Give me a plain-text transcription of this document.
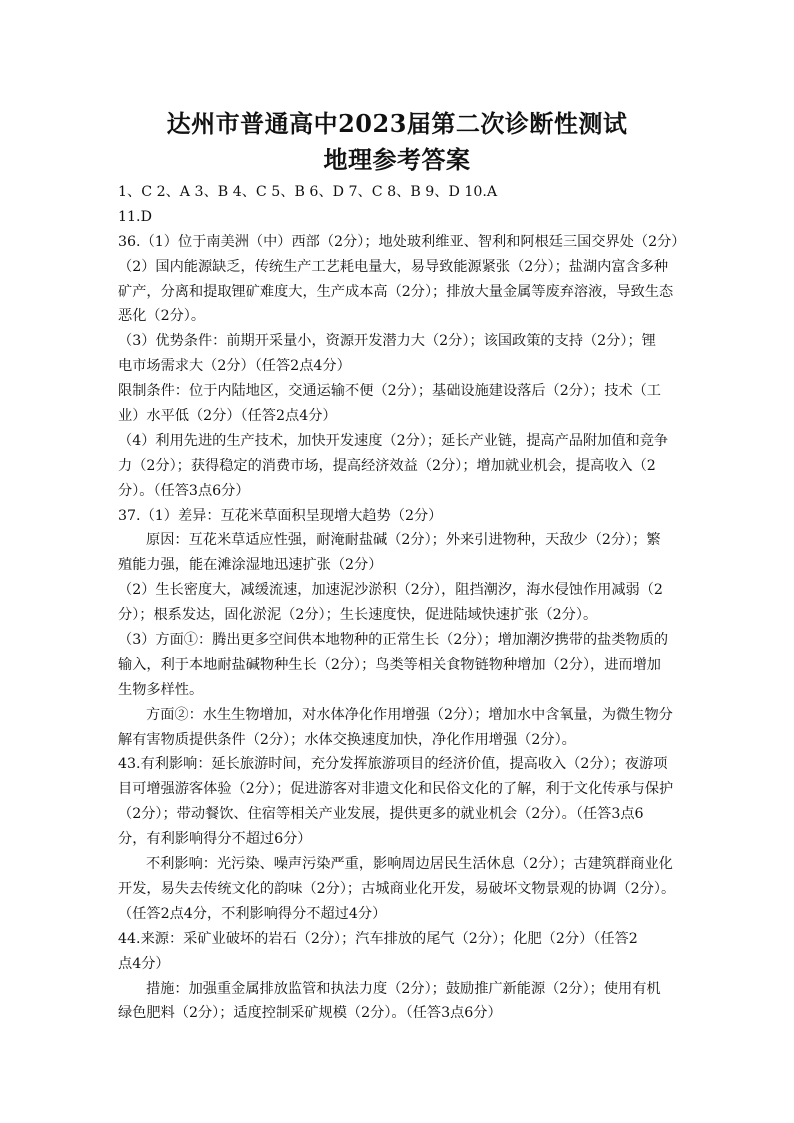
达州市普通高中2023届第二次诊断性测试
地理参考答案
1、C 2、A 3、B 4、C 5、B 6、D 7、C 8、B 9、D 10.A
11.D
36.（1）位于南美洲（中）西部（2分）；地处玻利维亚、智利和阿根廷三国交界处（2分）
（2）国内能源缺乏，传统生产工艺耗电量大，易导致能源紧张（2分）；盐湖内富含多种
矿产，分离和提取锂矿难度大，生产成本高（2分）；排放大量金属等废弃溶液，导致生态
恶化（2分）。
（3）优势条件：前期开采量小，资源开发潜力大（2分）；该国政策的支持（2分）；锂
电市场需求大（2分）（任答2点4分）
限制条件：位于内陆地区，交通运输不便（2分）；基础设施建设落后（2分）；技术（工
业）水平低（2分）（任答2点4分）
（4）利用先进的生产技术，加快开发速度（2分）；延长产业链，提高产品附加值和竞争
力（2分）；获得稳定的消费市场，提高经济效益（2分）；增加就业机会，提高收入（2
分）。（任答3点6分）
37.（1）差异：互花米草面积呈现增大趋势（2分）
原因：互花米草适应性强，耐淹耐盐碱（2分）；外来引进物种，天敌少（2分）；繁
殖能力强，能在滩涂湿地迅速扩张（2分）
（2）生长密度大，减缓流速，加速泥沙淤积（2分），阻挡潮汐，海水侵蚀作用减弱（2
分）；根系发达，固化淤泥（2分）；生长速度快，促进陆域快速扩张（2分）。
（3）方面①：腾出更多空间供本地物种的正常生长（2分）；增加潮汐携带的盐类物质的
输入，利于本地耐盐碱物种生长（2分）；鸟类等相关食物链物种增加（2分），进而增加
生物多样性。
方面②：水生生物增加，对水体净化作用增强（2分）；增加水中含氧量，为微生物分
解有害物质提供条件（2分）；水体交换速度加快，净化作用增强（2分）。
43.有利影响：延长旅游时间，充分发挥旅游项目的经济价值，提高收入（2分）；夜游项
目可增强游客体验（2分）；促进游客对非遗文化和民俗文化的了解，利于文化传承与保护
（2分）；带动餐饮、住宿等相关产业发展，提供更多的就业机会（2分）。（任答3点6
分，有利影响得分不超过6分）
不利影响：光污染、噪声污染严重，影响周边居民生活休息（2分）；古建筑群商业化
开发，易失去传统文化的韵味（2分）；古城商业化开发，易破坏文物景观的协调（2分）。
（任答2点4分，不利影响得分不超过4分）
44.来源：采矿业破坏的岩石（2分）；汽车排放的尾气（2分）；化肥（2分）（任答2
点4分）
措施：加强重金属排放监管和执法力度（2分）；鼓励推广新能源（2分）；使用有机
绿色肥料（2分）；适度控制采矿规模（2分）。（任答3点6分）
